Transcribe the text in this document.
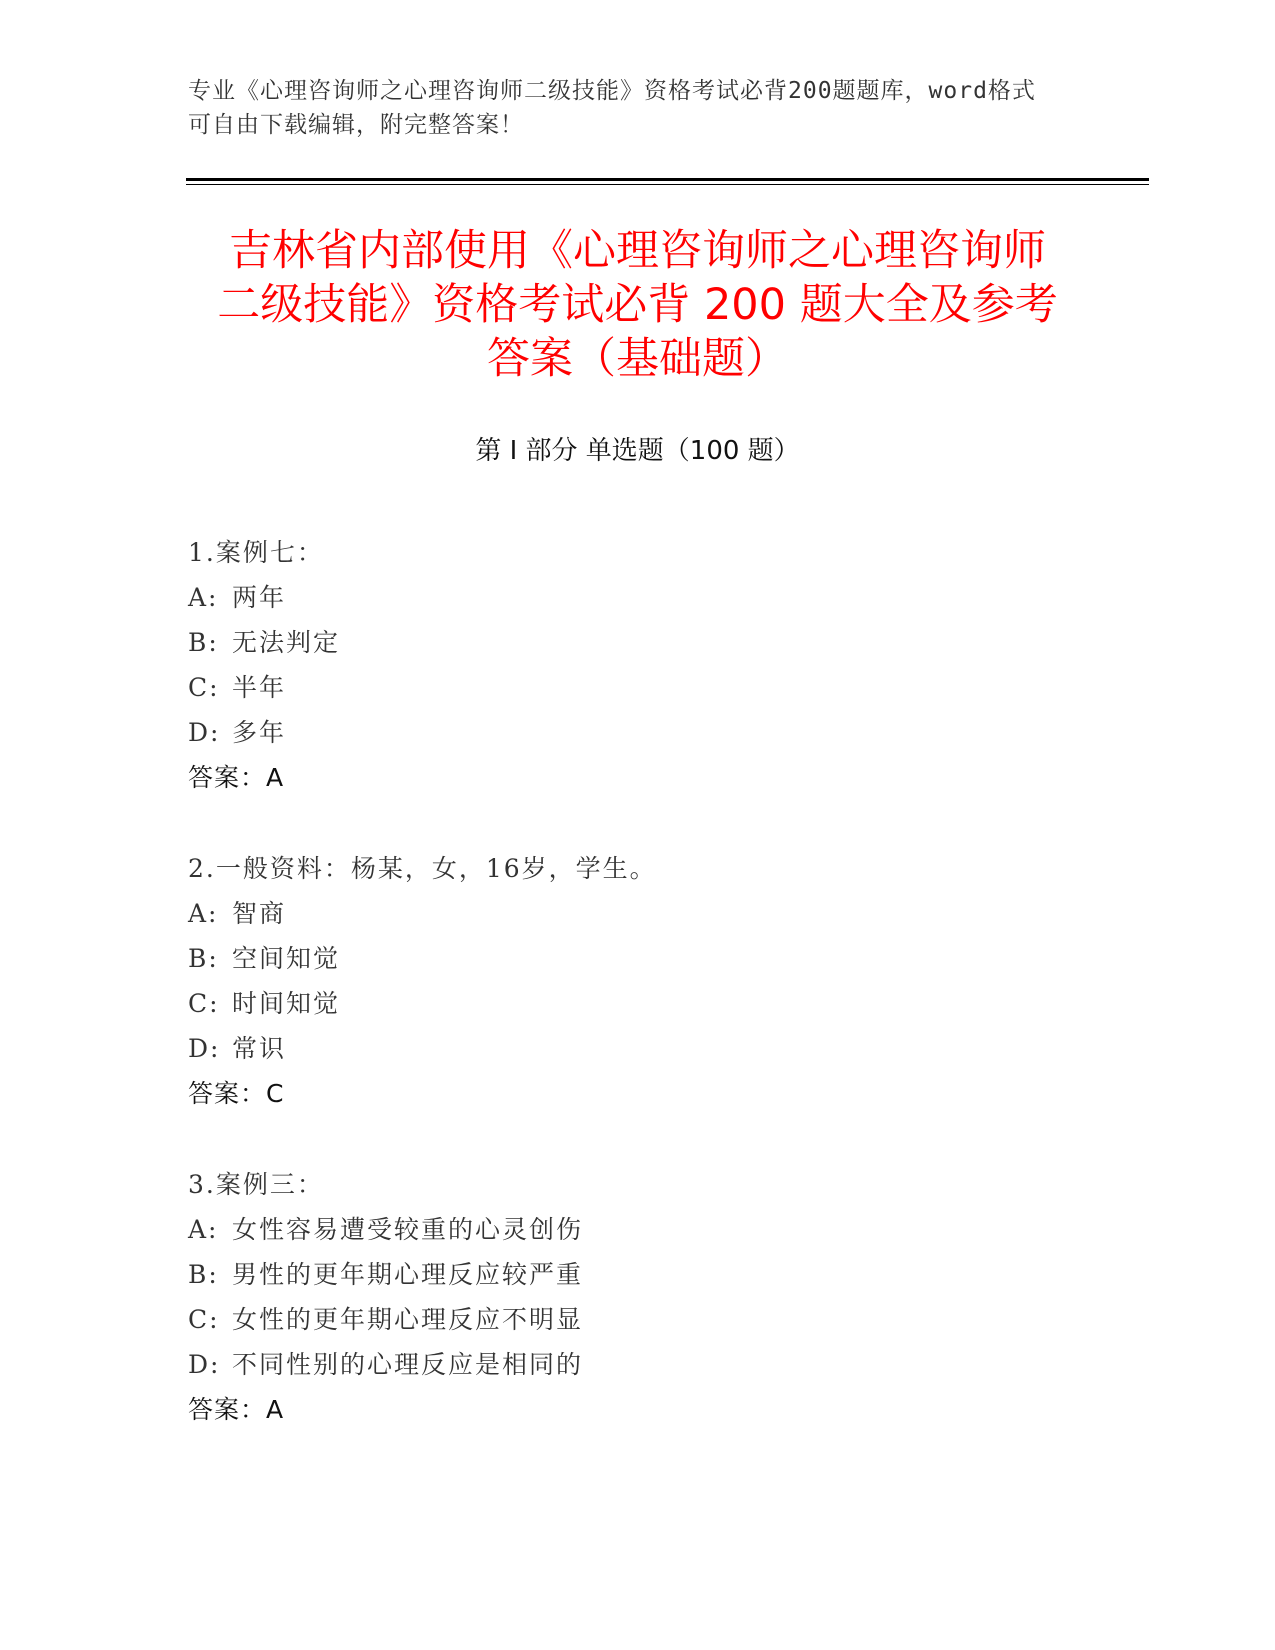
专业《心理咨询师之心理咨询师二级技能》资格考试必背200题题库，word格式
可自由下载编辑，附完整答案！
吉林省内部使用《心理咨询师之心理咨询师
二级技能》资格考试必背 200 题大全及参考
答案（基础题）
第 I 部分 单选题（100 题）
1.案例七：
A: 两年
B: 无法判定
C: 半年
D: 多年
答案：A
2.一般资料：杨某，女，16岁，学生。
A: 智商
B: 空间知觉
C: 时间知觉
D: 常识
答案：C
3.案例三：
A: 女性容易遭受较重的心灵创伤
B: 男性的更年期心理反应较严重
C: 女性的更年期心理反应不明显
D: 不同性别的心理反应是相同的
答案：A
